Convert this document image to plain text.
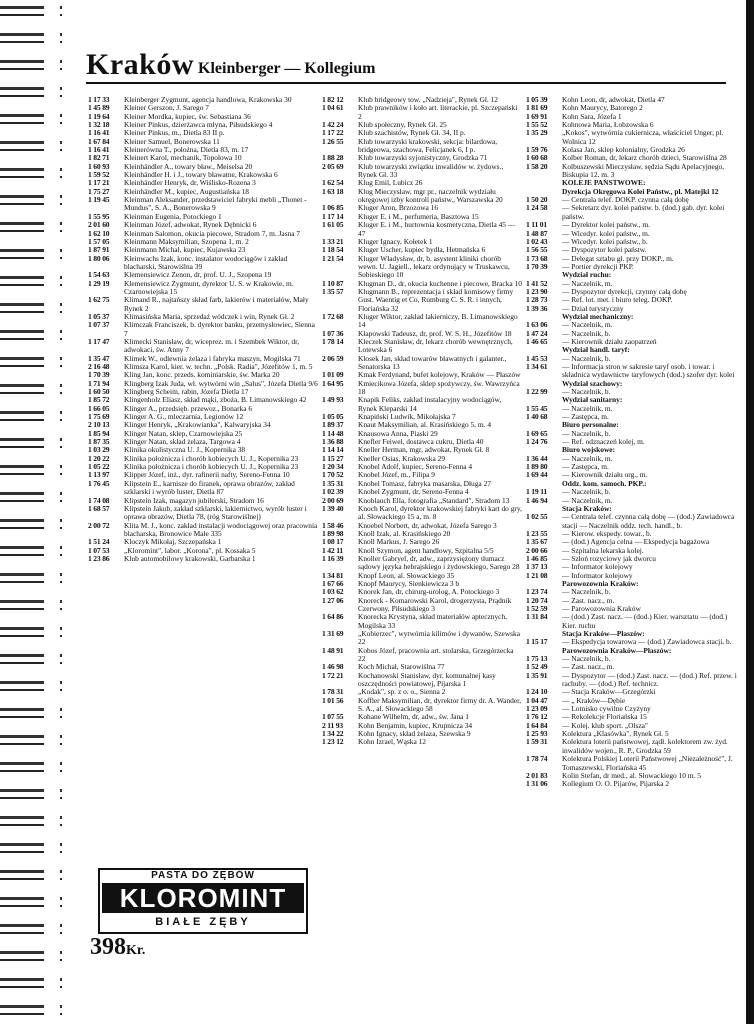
Kraków Kleinberger — Kollegium
1 17 33	Kleinberger Zygmunt, agencja handlowa, Krakowska 30
1 45 89	Kleiner Gerszon, J. Sarego 7
1 19 64	Kleiner Mordka, kupiec, św. Sebastiana 36
1 32 18	Kleiner Pinkus, dzierżawca młyna, Piłsudskiego 4
1 16 41	Kleiner Pinkus, m., Dietla 83 II p.
1 67 84	Kleiner Samuel, Bonerowska 11
1 16 41	Kleinerówna T., położna, Dietla 83, m. 17
1 82 71	Kleinert Karol, mechanik, Topolowa 10
1 60 93	Kleinhändler A., towary bław., Meiselsa 20
1 59 52	Kleinhändler H. i J., towary bławatne, Krakowska 6
1 17 21	Kleinhändler Henryk, dr, Wiślisko-Rozena 3
1 75 27	Kleinhändler M., kupiec, Augustiańska 18
1 19 45	Kleinman Aleksander, przedstawiciel fabryki mebli „Thonet - Mundus", S. A., Bonerowska 9
1 55 95	Kleinman Eugenia, Potockiego 1
2 01 60	Kleinman Józef, adwokat, Rynek Dębnicki 6
1 62 10	Kleinman Salomon, okucia piecowe, Stradom 7, m. Jasna 7
1 57 05	Kleinmann Maksymilian, Szopena 1, m. 2
1 87 91	Kleinmann Michał, kupiec, Kujawska 23
1 80 06	Kleinwachs Izak, konc. instalator wodociągów i zakład blacharski, Starowiślna 39
1 54 63	Klemensiewicz Zenon, dr, prof. U. J., Szopena 19
1 29 19	Klemensiewicz Zygmunt, dyrektor U. S. w Krakowie, m. Czarnowiejska 15
1 62 75	Klimand R., najtańszy skład farb, lakierów i materiałów, Mały Rynek 2
1 05 37	Klimasińska Maria, sprzedaż wódczek i win, Rynek Gł. 2
1 07 37	Klimczak Franciszek, b. dyrektor banku, przemysłowiec, Sienna 7
1 17 47	Klimecki Stanisław, dr, wiceprez. m. i Szembek Wiktor, dr, adwokaci, św. Anny 7
1 35 47	Klimek W., odlewnia żelaza i fabryka maszyn, Mogilska 71
2 16 48	Klimsza Karol, kier. w. techn. „Polsk. Radia", Józefitów 1, m. 5
1 70 39	Kling Jan, konc. przeds. kominiarskie, św. Marka 20
1 71 94	Klingberg Izak Juda, wł. wytwórni win „Salus", Józefa Dietla 9/6
1 60 50	Klingberg Scheim, rabin, Józefa Dietla 17
1 85 72	Klingenholz Eliasz, skład mąki, zboża, B. Limanowskiego 42
1 66 05	Klinger A., przedsięb. przewoz., Bonarka 6
1 75 69	Klinger A. G., mleczarnia, Legionów 12
2 10 13	Klinger Henryk, „Krakowianka", Kalwaryjska 34
1 85 94	Klinger Natan, sklep, Czarnowiejska 25
1 87 35	Klinger Natan, skład żelaza, Targowa 4
1 03 29	Klinika okulistyczna U. J., Kopernika 38
1 20 22	Klinika położnicza i chorób kobiecych U. J., Kopernika 23
1 05 22	Klinika położnicza i chorób kobiecych U. J., Kopernika 23
1 13 97	Klipper Józef, inż., dyr. rafinerii nafty, Sereno-Fenna 10
1 76 45	Klipstein E., karnisze do firanek, oprawa obrazów, zakład szklarski i wyrób luster, Dietla 87
1 74 08	Klipstein Izak, magazyn jubilerski, Stradom 16
1 68 57	Klipstein Jakub, zakład szklarski, lakiernictwo, wyrób luster i oprawa obrazów, Dietla 78, (róg Starowiślnej)
2 00 72	Klita M. J., konc. zakład instalacji wodociągowej oraz pracownia blacharska, Bronowice Małe 335
1 51 24	Kloczyk Mikołaj, Szczepańska 1
1 07 53	„Kloromint", labor. „Korona", pl. Kossaka 5
1 23 86	Klub automobilowy krakowski, Garbarska 1
1 82 12	Klub bridgeowy tow. „Nadzieja", Rynek Gł. 12
1 04 61	Klub prawników i koło art. literackie, pl. Szczepański 2
1 42 24	Klub społeczny, Rynek Gł. 25
1 17 22	Klub szachistów, Rynek Gł. 34, II p.
1 26 55	Klub towarzyski krakowski, sekcja: bilardowa, bridgeowa, szachowa, Felicjanek 6, I p.
1 88 28	Klub towarzyski syjonistyczny, Grodzka 71
2 05 69	Klub towarzyski związku inwalidów w. żydows., Rynek Gł. 33
1 62 54	Klug Emil, Lubicz 26
1 63 18	Klug Mieczysław, mgr pr., naczelnik wydziału okręgowej izby kontroli państw., Warszawska 20
1 06 85	Kluger Aron, Brzozowa 16
1 17 14	Kluger E. i M., perfumeria, Basztowa 15
1 61 05	Kluger E. i M., hurtownia kosmetyczna, Dietla 45 — 47
1 33 21	Kluger Ignacy, Kołetek 1
1 18 54	Kluger Uscher, kupiec bydła, Hetmańska 6
1 21 54	Kluger Władysław, dr, b. asystent kliniki chorób wewn. U. Jagiell., lekarz ordynujący w Truskawcu, Sobieskiego 10
1 10 87	Klugman D., dr, okucia kuchenne i piecowe, Bracka 10
1 35 57	Klugmann B., reprezentacja i skład komisowy firmy Gust. Waentig et Co, Rumburg C. S. R. i innych, Floriańska 32
1 72 68	Kluger Wiktor, zakład lakierniczy, B. Limanowskiego 14
1 07 36	Kłapowski Tadeusz, dr, prof. W. S. H., Józefitów 18
1 78 14	Kleczek Stanisław, dr, lekarz chorób wewnętrznych, Lotewska 6
2 06 59	Kłosek Jan, skład towarów bławatnych i galanter., Senatorska 13
1 01 09	Kmak Ferdynand, bufet kolejowy, Kraków — Płaszów
1 64 95	Kmiecikowa Józefa, sklep spożywczy, św. Wawrzyńca 18
1 49 93	Knapik Feliks, zakład instalacyjny wodociągów, Rynek Kleparski 14
1 05 05	Knapiński Ludwik, Mikołajska 7
1 89 37	Knaut Maksymilian, al. Krasińskiego 5, m. 4
1 14 48	Knausowa Anna, Piaski 29
1 36 88	Knefler Feiwel, dostawca cukru, Dietla 40
1 14 14	Kneller Herman, mgr, adwokat, Rynek Gł. 8
1 15 27	Kneller Osias, Krakowska 29
1 20 34	Knobel Adolf, kupiec, Sereno-Fenna 4
1 70 52	Knobel Józef, m., Filipa 9
1 35 31	Knobel Tomasz, fabryka masarska, Długa 27
1 02 39	Knobel Zygmunt, dr, Sereno-Fenna 4
2 00 69	Knoblauch Ella, fotografia „Standard", Stradom 13
1 39 40	Knoch Karol, dyrektor krakowskiej fabryki kart do gry, al. Słowackiego 15 a, m. 8
1 58 46	Knoebel Norbert, dr, adwokat, Józefa Sarego 3
1 89 98	Knoll Izak, al. Krasińskiego 20
1 08 17	Knoll Markus, J. Sarego 26
1 42 11	Knoll Szymon, agent handlowy, Szpitalna 5/5
1 16 39	Knoller Gabryel, dr, adw., zaprzysiężony tłumacz sądowy języka hebrajskiego i żydowskiego, Sarego 28
1 34 81	Knopf Leon, al. Słowackiego 35
1 67 66	Knopf Maurycy, Sienkiewicza 3 b
1 03 62	Knorek Jan, dr, chirurg-urolog, A. Potockiego 3
1 27 06	Knoreck - Komarowski Karol, drogerzysta, Prądnik Czerwony, Piłsudskiego 3
1 64 86	Knorecka Krystyna, skład materiałów aptecznych, Mogilska 33
1 31 69	„Kobierzec", wytwórnia kilimów i dywanów, Szewska 22
1 48 91	Kobos Józef, pracownia art. stolarska, Grzegórzecka 22
1 46 98	Koch Michał, Starowiślna 77
1 72 21	Kochanowski Stanisław, dyr. komunalnej kasy oszczędności powiatowej, Pijarska 1
1 78 31	„Kodak", sp. z o. o., Sienna 2
1 01 56	Koffler Maksymilian, dr, dyrektor firmy dr. A. Wander, S. A., al. Słowackiego 58
1 07 55	Kohane Wilhelm, dr, adw., św. Jana 1
2 11 93	Kohn Benjamin, kupiec, Krupnicza 34
1 34 22	Kohn Ignacy, skład żelaza, Szewska 9
1 23 12	Kohn Izrael, Wąska 12
1 05 39	Kohn Leon, dr, adwokat, Dietla 47
1 81 69	Kohn Maurycy, Batorego 2
1 69 91	Kohn Sara, Józefa 1
1 55 52	Kohnowa Maria, Łobzowska 6
1 35 29	„Kokos", wytwórnia cukiernicza, właściciel Unger, pl. Wolnica 12
1 59 76	Kolasa Jan, sklep kolonialny, Grodzka 26
1 60 68	Kolber Roman, dr, lekarz chorób dzieci, Starowiślna 28
1 58 20	Kolbuszewski Mieczysław, sędzia Sądu Apelacyjnego, Biskupia 12, m. 3
KOLEJE PAŃSTWOWE:
Dyrekcja Okręgowa Kolei Państw., pl. Matejki 12
1 50 20	— Centrala telef. DOKP. czynna całą dobę
1 24 58	— Sekretarz dyr. kolei państw. b. (dod.) gab. dyr. kolei państw.
1 11 01	— Dyrektor kolei państw., m.
1 48 87	— Wicedyr. kolei państw., m.
1 02 43	— Wicedyr. kolei państw., b.
1 56 55	— Dyspozytor kolei państw.
1 73 68	— Delegat sztabu gł. przy DOKP., m.
1 70 39	— Portier dyrekcji PKP.
Wydział ruchu:
1 41 52	— Naczelnik, m.
1 23 90	— Dyspozytor dyrekcji, czynny całą dobę
1 28 73	— Ref. lot. met. i biuro teleg. DOKP.
1 39 36	— Dział turystyczny
Wydział mechaniczny:
1 63 06	— Naczelnik, m.
1 47 24	— Naczelnik, b.
1 46 65	— Kierownik działu zaopatrzeń
Wydział handl. taryf:
1 45 53	— Naczelnik, b.
1 34 61	— Informacja stron w sakresie taryf osob. i towar. i składnica wydawnictw taryfowych (dod.) szofer dyr. kolei
Wydział szachowy:
1 22 99	— Naczelnik, b.
Wydział sanitarny:
1 55 45	— Naczelnik, m.
1 40 68	— Zastępca, m.
Biuro personalne:
1 69 65	— Naczelnik, b.
1 24 76	— Ref. odznaczeń kolej, m.
Biuro wojskowe:
1 36 44	— Naczelnik, m.
1 89 80	— Zastępca, m.
1 69 44	— Kierownik działu org., m.
Oddz. kom. samoch. PKP.:
1 19 11	— Naczelnik, b.
1 46 94	— Naczelnik, m.
Stacja Kraków:
1 02 55	— Centrala telef. czynna całą dobę — (dod.) Zawiadowca stacji — Naczelnik oddz. tech. handl., b.
1 23 55	— Kierow. ekspedy. towar., b.
1 35 67	— (dod.) Agencja celna — Ekspedycja bagażowa
2 00 66	— Szpitalna lekarska kolej.
1 46 85	— Szłoń rozyciowy jak dworcu
1 37 13	— Informator kolejowy
1 21 08	— Informator kolejowy
Parowozownia Kraków:
1 23 74	— Naczelnik, b.
1 20 74	— Zast. nacz., m.
1 52 59	— Parowozownia Kraków
1 31 84	— (dod.) Zast. nacz. — (dod.) Kier. warsztatu — (dod.) Kier. ruchu
Stacja Kraków—Płaszów:
1 15 17	— Ekspedycja towarowa — (dod.) Zawiadowca stacji, b.
Parowozownia Kraków—Płaszów:
1 75 13	— Naczelnik, b.
1 52 49	— Zast. nacz., m.
1 35 91	— Dyspozytor — (dod.) Zast. nacz. — (dod.) Ref. przew. i rachuby. — (dod.) Ref. technicz.
1 24 10	— Stacja Kraków—Grzegórzki
1 04 47	— „ Kraków—Dębie
1 23 09	— Lotnisko cywilne Czyżyny
1 76 12	— Rekolekcje Floriańska 15
1 64 84	— Kolej. klub sport. „Olsza"
1 25 93	Kolektura „Klasówka", Rynek Gł. 5
1 59 31	Kolektura loterii państwowej, ządł. kolektorem zw. żyd. inwalidów wojen., R. P., Grodzka 59
1 78 74	Kolektura Polskiej Loterii Państwowej „Niezależność", J. Tomaszewski, Floriańska 45
2 01 83	Kolin Stefan, dr med., al. Słowackiego 10 m. 5
1 31 06	Kollegium O. O. Pijarów, Pijarska 2
PASTA DO ZĘBÓW
KLOROMINT
BIAŁE ZĘBY
398Kr.
